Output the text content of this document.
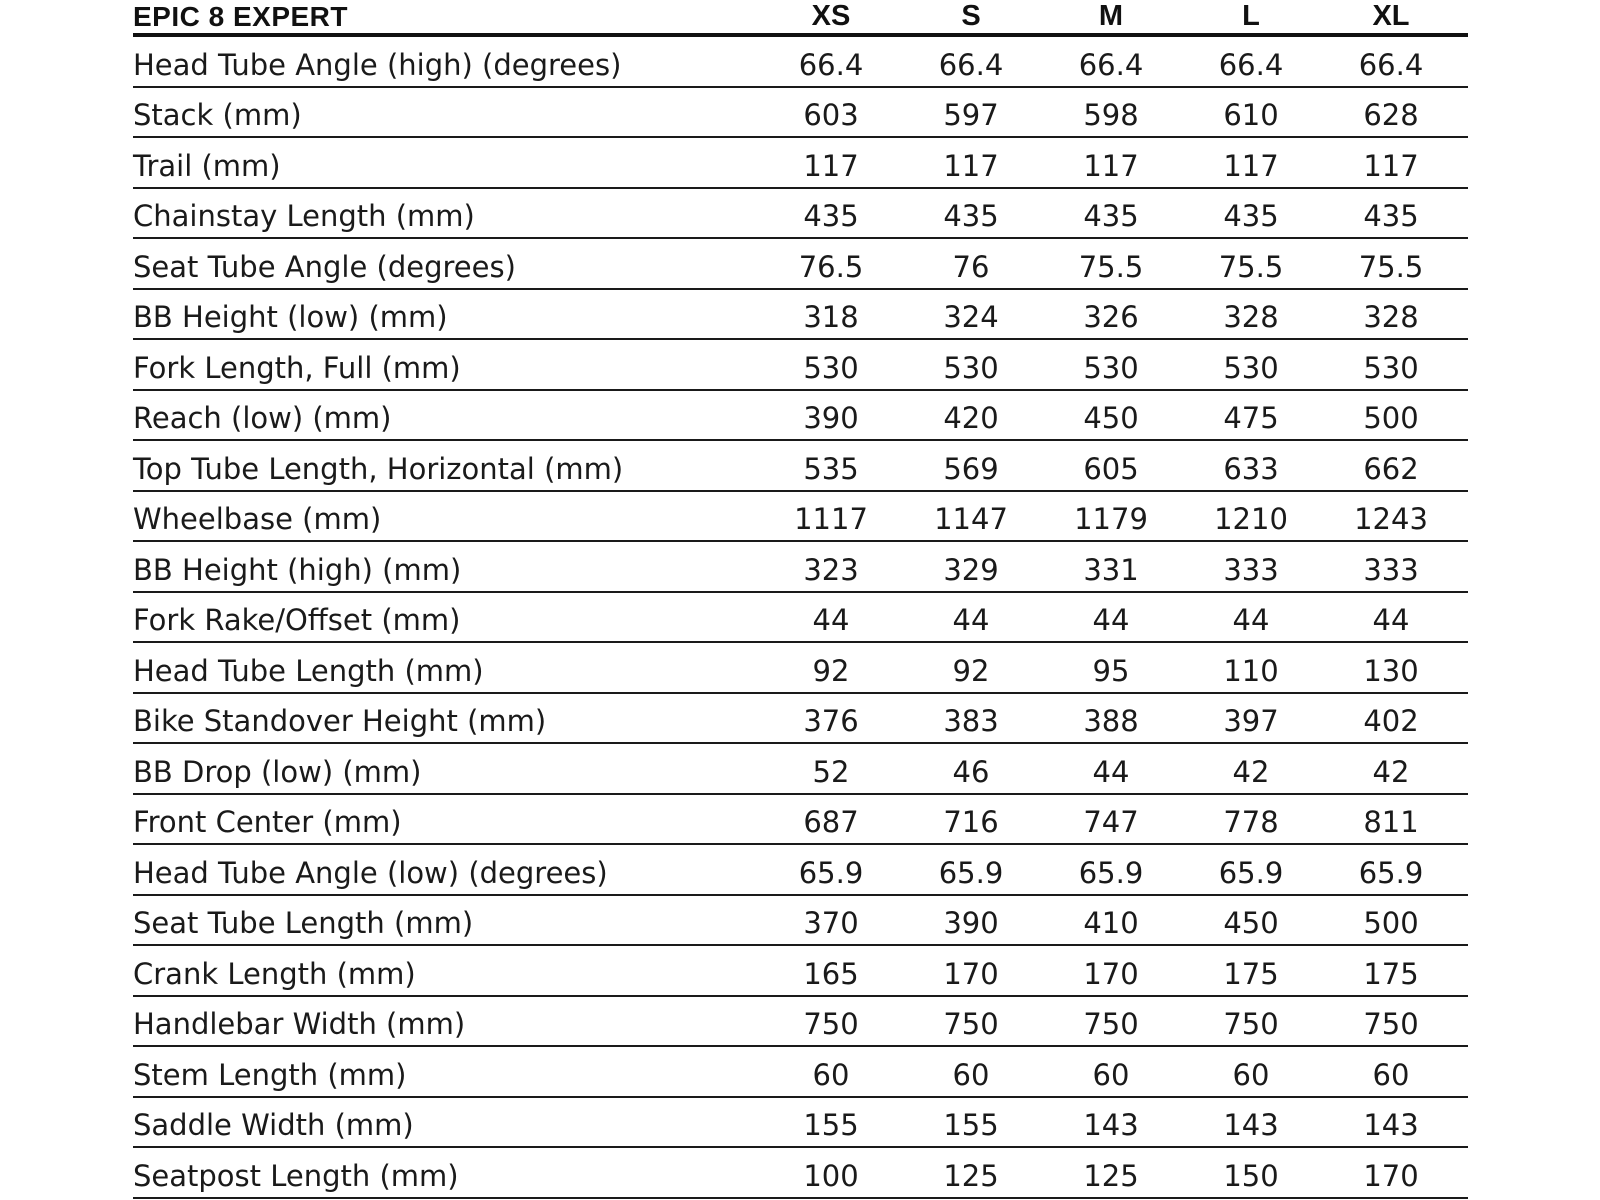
EPIC 8 EXPERT	XS	S	M	L	XL
Head Tube Angle (high) (degrees)	66.4	66.4	66.4	66.4	66.4
Stack (mm)	603	597	598	610	628
Trail (mm)	117	117	117	117	117
Chainstay Length (mm)	435	435	435	435	435
Seat Tube Angle (degrees)	76.5	76	75.5	75.5	75.5
BB Height (low) (mm)	318	324	326	328	328
Fork Length, Full (mm)	530	530	530	530	530
Reach (low) (mm)	390	420	450	475	500
Top Tube Length, Horizontal (mm)	535	569	605	633	662
Wheelbase (mm)	1117	1147	1179	1210	1243
BB Height (high) (mm)	323	329	331	333	333
Fork Rake/Offset (mm)	44	44	44	44	44
Head Tube Length (mm)	92	92	95	110	130
Bike Standover Height (mm)	376	383	388	397	402
BB Drop (low) (mm)	52	46	44	42	42
Front Center (mm)	687	716	747	778	811
Head Tube Angle (low) (degrees)	65.9	65.9	65.9	65.9	65.9
Seat Tube Length (mm)	370	390	410	450	500
Crank Length (mm)	165	170	170	175	175
Handlebar Width (mm)	750	750	750	750	750
Stem Length (mm)	60	60	60	60	60
Saddle Width (mm)	155	155	143	143	143
Seatpost Length (mm)	100	125	125	150	170
